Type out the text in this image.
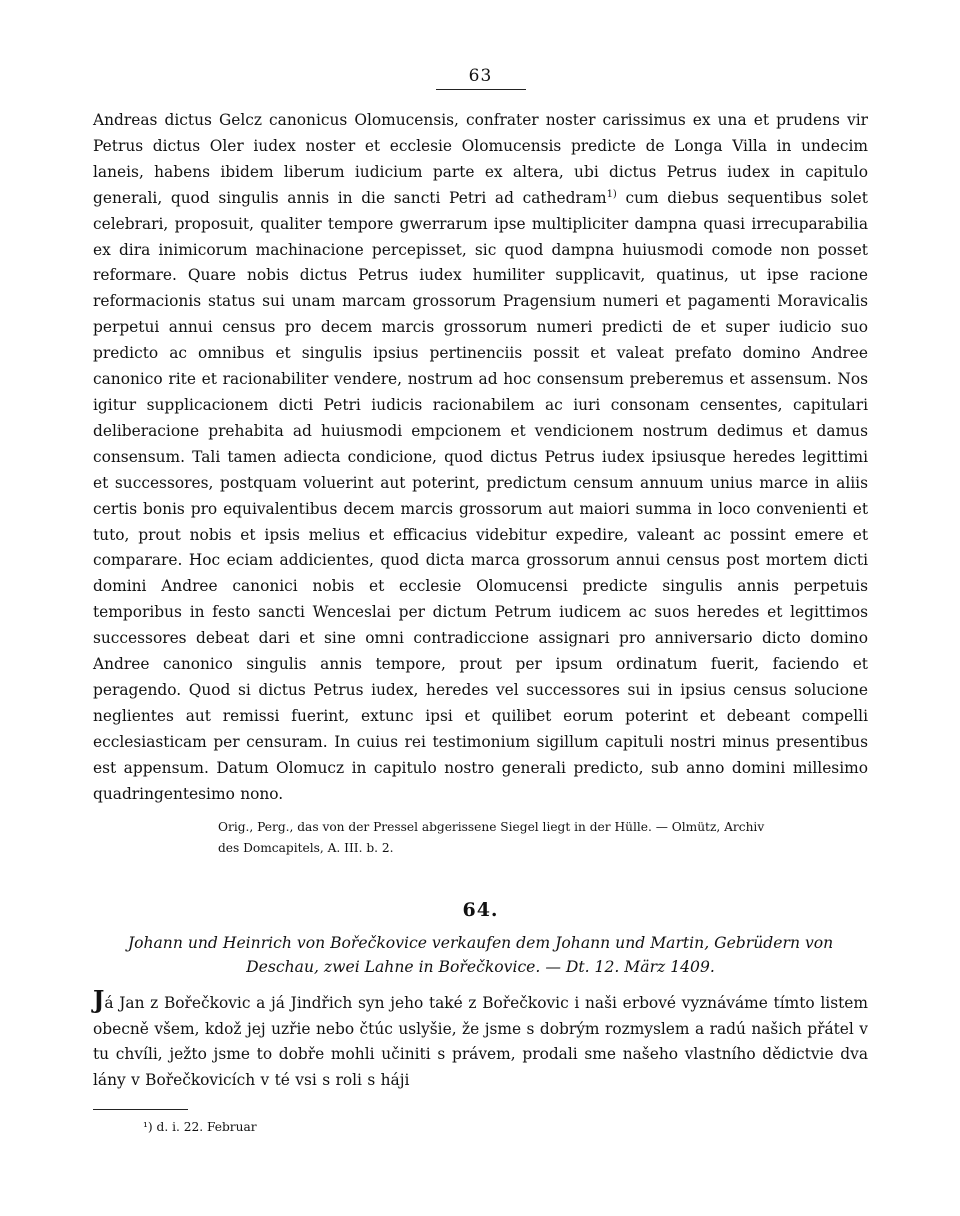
63

Andreas dictus Gelcz canonicus Olomucensis, confrater noster carissimus ex una et prudens vir Petrus dictus Oler iudex noster et ecclesie Olomucensis predicte de Longa Villa in undecim laneis, habens ibidem liberum iudicium parte ex altera, ubi dictus Petrus iudex in capitulo generali, quod singulis annis in die sancti Petri ad cathedram$^{1)}$ cum diebus sequentibus solet celebrari, proposuit, qualiter tempore gwerrarum ipse multipliciter dampna quasi irrecuparabilia ex dira inimicorum machinacione percepisset, sic quod dampna huiusmodi comode non posset reformare. Quare nobis dictus Petrus iudex humiliter supplicavit, quatinus, ut ipse racione reformacionis status sui unam marcam grossorum Pragensium numeri et pagamenti Moravicalis perpetui annui census pro decem marcis grossorum numeri predicti de et super iudicio suo predicto ac omnibus et singulis ipsius pertinenciis possit et valeat prefato domino Andree canonico rite et racionabiliter vendere, nostrum ad hoc consensum preberemus et assensum. Nos igitur supplicacionem dicti Petri iudicis racionabilem ac iuri consonam censentes, capitulari deliberacione prehabita ad huiusmodi empcionem et vendicionem nostrum dedimus et damus consensum. Tali tamen adiecta condicione, quod dictus Petrus iudex ipsiusque heredes legittimi et successores, postquam voluerint aut poterint, predictum censum annuum unius marce in aliis certis bonis pro equivalentibus decem marcis grossorum aut maiori summa in loco convenienti et tuto, prout nobis et ipsis melius et efficacius videbitur expedire, valeant ac possint emere et comparare. Hoc eciam addicientes, quod dicta marca grossorum annui census post mortem dicti domini Andree canonici nobis et ecclesie Olomucensi predicte singulis annis perpetuis temporibus in festo sancti Wenceslai per dictum Petrum iudicem ac suos heredes et legittimos successores debeat dari et sine omni contradiccione assignari pro anniversario dicto domino Andree canonico singulis annis tempore, prout per ipsum ordinatum fuerit, faciendo et peragendo. Quod si dictus Petrus iudex, heredes vel successores sui in ipsius census solucione neglientes aut remissi fuerint, extunc ipsi et quilibet eorum poterint et debeant compelli ecclesiasticam per censuram. In cuius rei testimonium sigillum capituli nostri minus presentibus est appensum. Datum Olomucz in capitulo nostro generali predicto, sub anno domini millesimo quadringentesimo nono.

Orig., Perg., das von der Pressel abgerissene Siegel liegt in der Hülle. — Olmütz, Archiv
des Domcapitels, A. III. b. 2.
64.
Johann und Heinrich von Bořečkovice verkaufen dem Johann und Martin, Gebrüdern von
Deschau, zwei Lahne in Bořečkovice. — Dt. 12. März 1409.
Já Jan z Bořečkovic a já Jindřich syn jeho také z Bořečkovic i naši erbové vyznáváme tímto listem obecně všem, kdož jej uzřie nebo čtúc uslyšie, že jsme s dobrým rozmyslem a radú našich přátel v tu chvíli, ježto jsme to dobře mohli učiniti s právem, prodali sme našeho vlastního dědictvie dva lány v Bořečkovicích v té vsi s roli s háji
¹) d. i. 22. Februar
